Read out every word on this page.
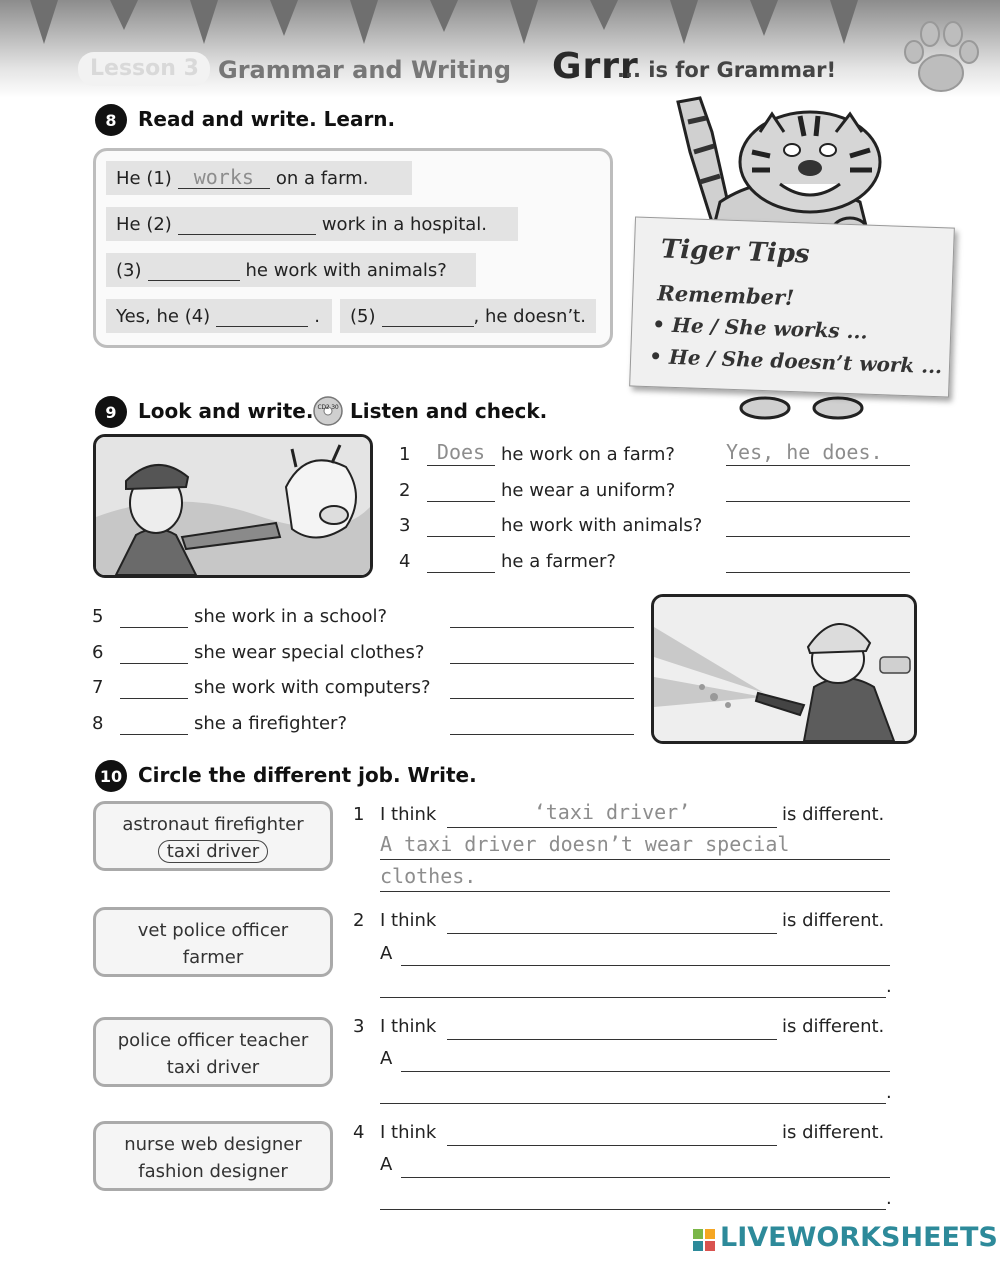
Lesson 3 Grammar and Writing Grrr
... is for Grammar!
8	Read and write. Learn.
He (1)	works	on a farm.
He (2)	work in a hospital.
(3)	he work with animals?
Yes, he (4)	. (5)	, he doesn’t.
Tiger Tips
Remember!
• He / She works ...
• He / She doesn’t work ...
9	Look and write. CD2 30 Listen and check.
1	Does he work on a farm?	Yes, he does.
2	he wear a uniform?
3	he work with animals?
4	he a farmer?
5	she work in a school?
6	she wear special clothes?
7	she work with computers?
8	she a firefighter?
10 Circle the different job. Write.
astronaut firefighter
taxi driver
1 I think	‘taxi driver’	is different.
A taxi driver doesn’t wear special
clothes.
vet police officer
farmer
2 I think	is different.
A
.
police officer teacher
taxi driver
3 I think	is different.
A
.
nurse web designer
fashion designer
4 I think	is different.
A
.
LIVEWORKSHEETS
